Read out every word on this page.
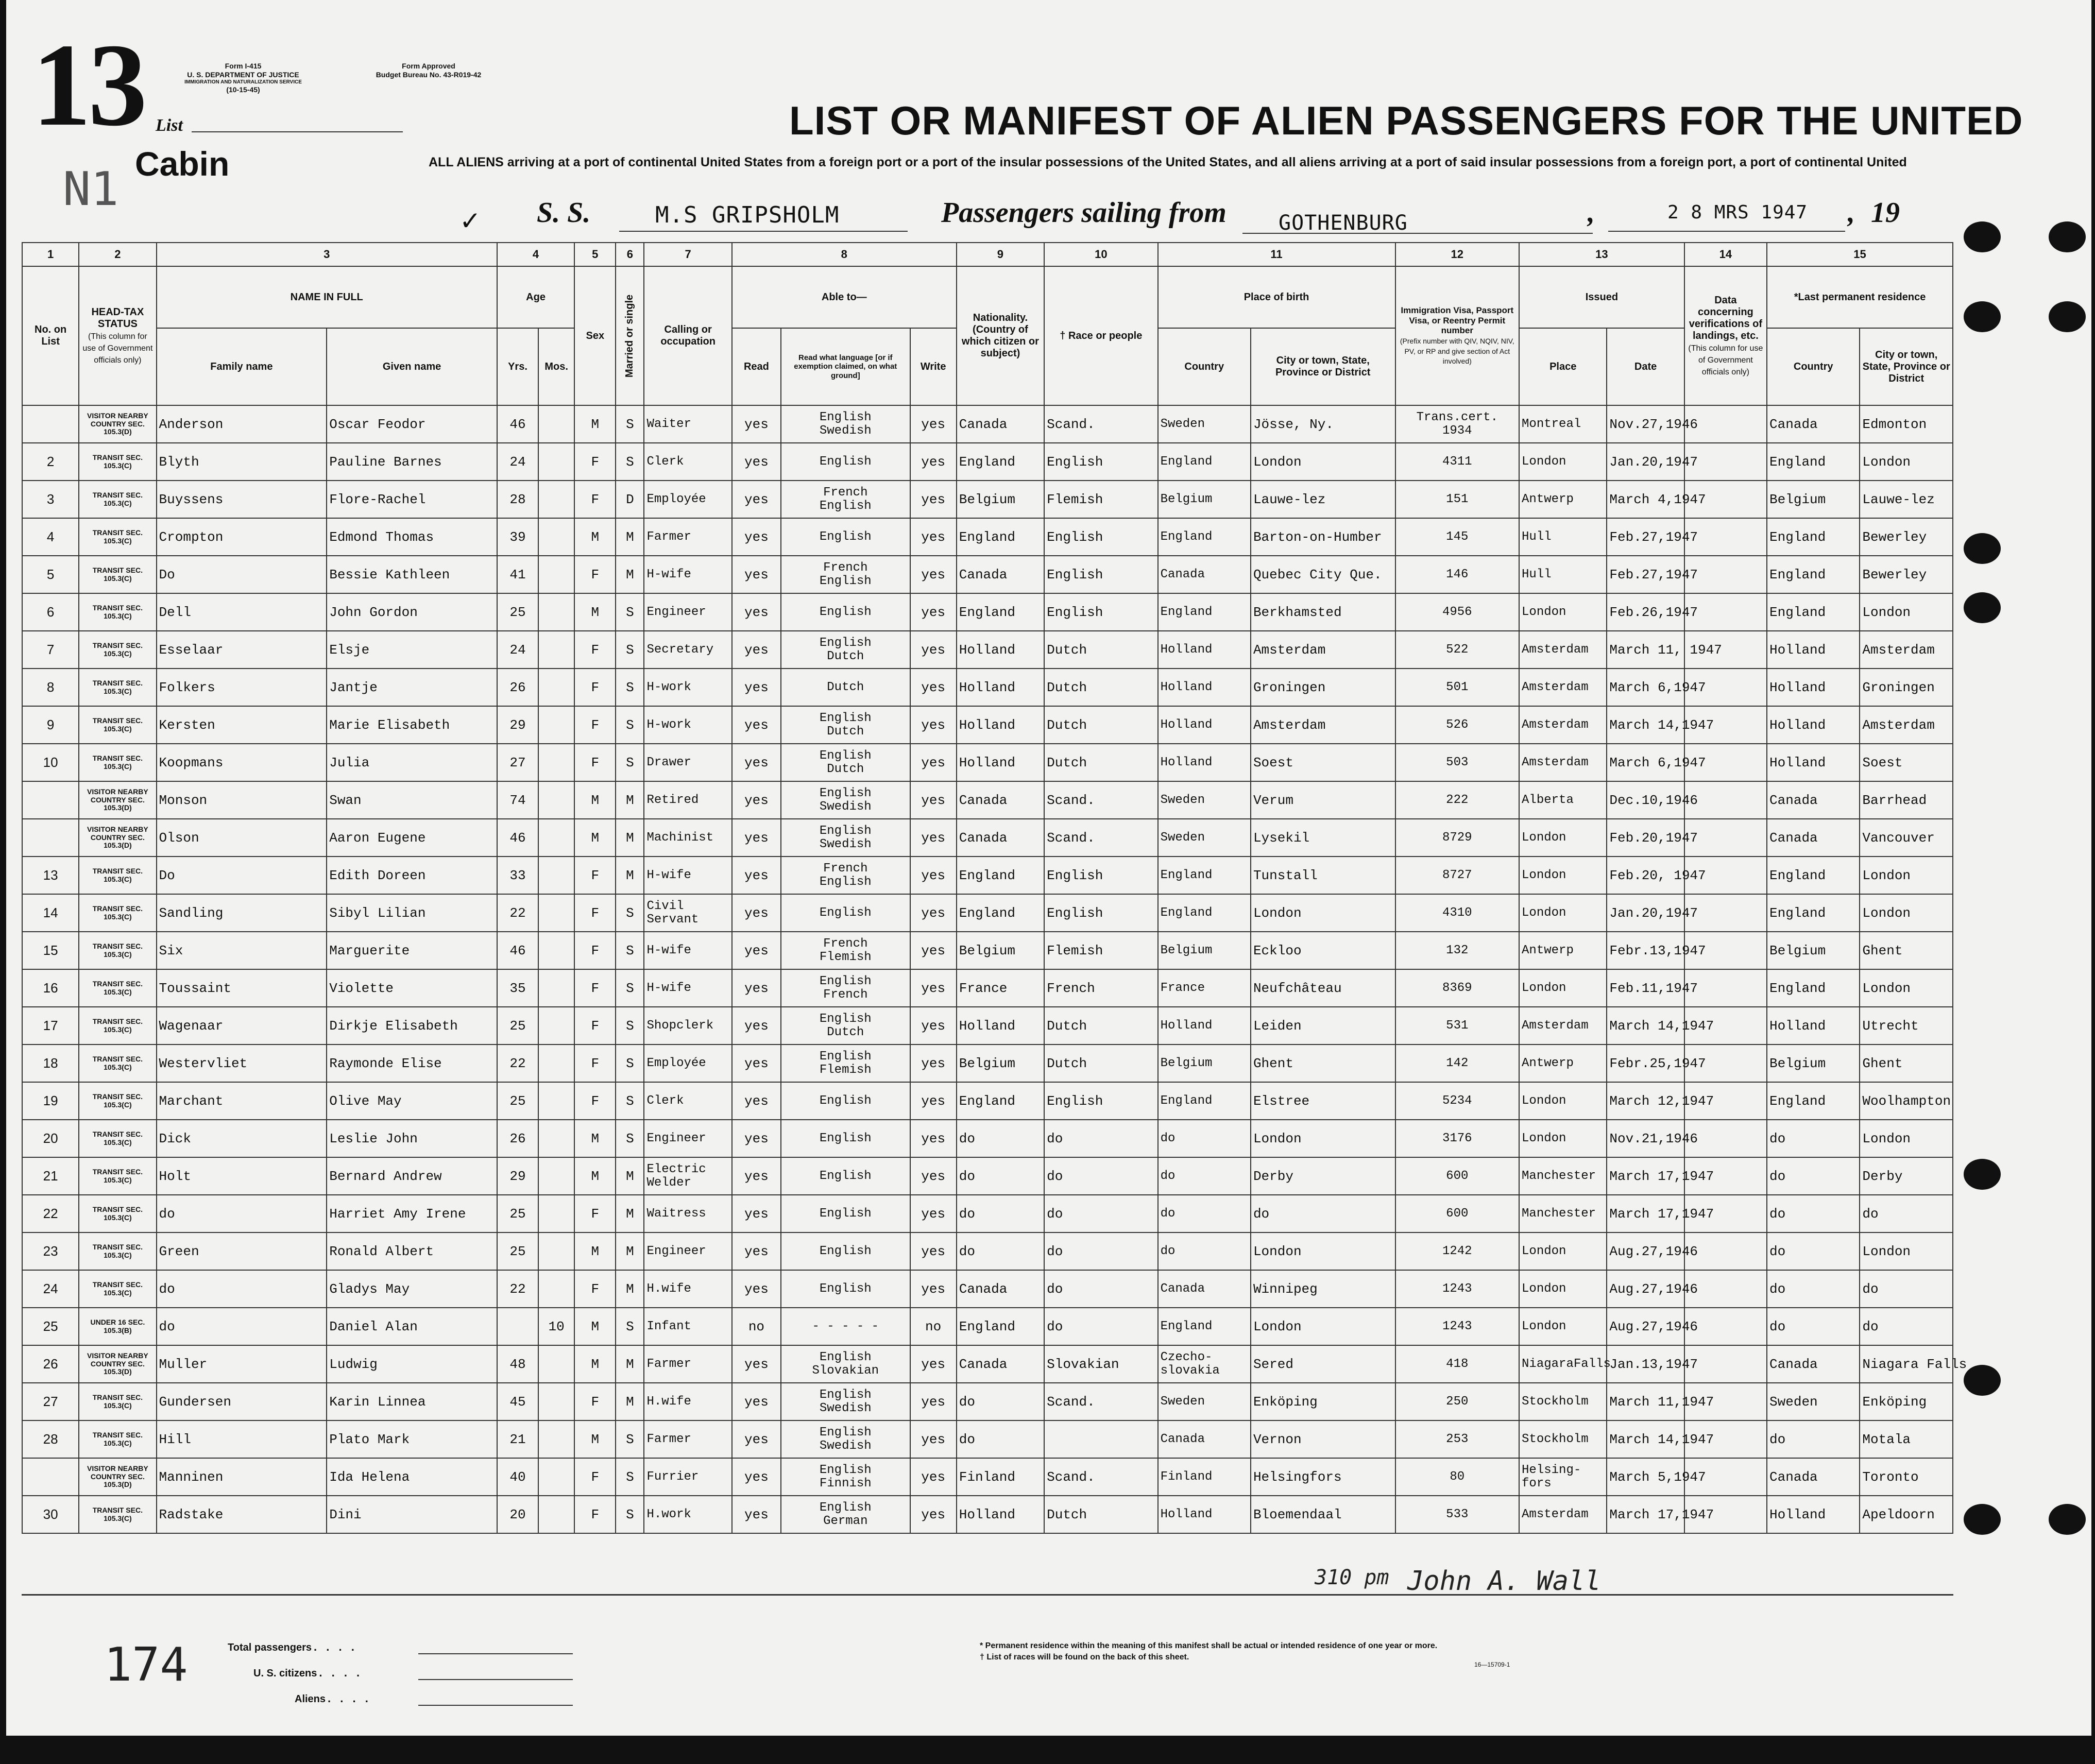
13	Form I-415
U. S. DEPARTMENT OF JUSTICE
IMMIGRATION AND NATURALIZATION SERVICE
(10-15-45)
Form Approved
Budget Bureau No. 43-R019-42
List
Cabin
N1
LIST OR MANIFEST OF ALIEN PASSENGERS FOR THE UNITED
ALL ALIENS arriving at a port of continental United States from a foreign port or a port of the insular possessions of the United States, and all aliens arriving at a port of said insular possessions from a foreign port, a port of continental United
✓ S. S.	M.S GRIPSHOLM	Passengers sailing from	GOTHENBURG	,	2 8 MRS 1947 , 19
1	2	3		4		5	6	7	8			9	10	11		12	13		14	15	
No. on List	HEAD-TAX STATUS
(This column for use of Government officials only)	NAME IN FULL		Age		Sex	Married or single	Calling or occupation	Able to—			Nationality. (Country of which citizen or subject)	† Race or people	Place of birth		Immigration Visa, Passport Visa, or Reentry Permit number
(Prefix number with QIV, NQIV, NIV, PV, or RP and give section of Act involved)	Issued		Data concerning verifications of landings, etc.
(This column for use of Government officials only)	*Last permanent residence	
		Family name	Given name	Yrs.	Mos.				Read	Read what language [or if exemption claimed, on what ground]	Write			Country	City or town, State, Province or District		Place	Date		Country	City or town, State, Province or District
	VISITOR NEARBY COUNTRY SEC. 105.3(D)	Anderson	Oscar Feodor	46		M	S	Waiter	yes	English
Swedish	yes	Canada	Scand.	Sweden	Jösse, Ny.	Trans.cert.
1934	Montreal	Nov.27,1946		Canada	Edmonton
2	TRANSIT SEC. 105.3(C)	Blyth	Pauline Barnes	24		F	S	Clerk	yes	English	yes	England	English	England	London	4311	London	Jan.20,1947		England	London
3	TRANSIT SEC. 105.3(C)	Buyssens	Flore-Rachel	28		F	D	Employée	yes	French
English	yes	Belgium	Flemish	Belgium	Lauwe-lez	151	Antwerp	March 4,1947		Belgium	Lauwe-lez
4	TRANSIT SEC. 105.3(C)	Crompton	Edmond Thomas	39		M	M	Farmer	yes	English	yes	England	English	England	Barton-on-Humber	145	Hull	Feb.27,1947		England	Bewerley
5	TRANSIT SEC. 105.3(C)	Do	Bessie Kathleen	41		F	M	H-wife	yes	French
English	yes	Canada	English	Canada	Quebec City Que.	146	Hull	Feb.27,1947		England	Bewerley
6	TRANSIT SEC. 105.3(C)	Dell	John Gordon	25		M	S	Engineer	yes	English	yes	England	English	England	Berkhamsted	4956	London	Feb.26,1947		England	London
7	TRANSIT SEC. 105.3(C)	Esselaar	Elsje	24		F	S	Secretary	yes	English
Dutch	yes	Holland	Dutch	Holland	Amsterdam	522	Amsterdam	March 11, 1947		Holland	Amsterdam
8	TRANSIT SEC. 105.3(C)	Folkers	Jantje	26		F	S	H-work	yes	Dutch	yes	Holland	Dutch	Holland	Groningen	501	Amsterdam	March 6,1947		Holland	Groningen
9	TRANSIT SEC. 105.3(C)	Kersten	Marie Elisabeth	29		F	S	H-work	yes	English
Dutch	yes	Holland	Dutch	Holland	Amsterdam	526	Amsterdam	March 14,1947		Holland	Amsterdam
10	TRANSIT SEC. 105.3(C)	Koopmans	Julia	27		F	S	Drawer	yes	English
Dutch	yes	Holland	Dutch	Holland	Soest	503	Amsterdam	March 6,1947		Holland	Soest
	VISITOR NEARBY COUNTRY SEC. 105.3(D)	Monson	Swan	74		M	M	Retired	yes	English
Swedish	yes	Canada	Scand.	Sweden	Verum	222	Alberta	Dec.10,1946		Canada	Barrhead
	VISITOR NEARBY COUNTRY SEC. 105.3(D)	Olson	Aaron Eugene	46		M	M	Machinist	yes	English
Swedish	yes	Canada	Scand.	Sweden	Lysekil	8729	London	Feb.20,1947		Canada	Vancouver
13	TRANSIT SEC. 105.3(C)	Do	Edith Doreen	33		F	M	H-wife	yes	French
English	yes	England	English	England	Tunstall	8727	London	Feb.20, 1947		England	London
14	TRANSIT SEC. 105.3(C)	Sandling	Sibyl Lilian	22		F	S	Civil
Servant	yes	English	yes	England	English	England	London	4310	London	Jan.20,1947		England	London
15	TRANSIT SEC. 105.3(C)	Six	Marguerite	46		F	S	H-wife	yes	French
Flemish	yes	Belgium	Flemish	Belgium	Eckloo	132	Antwerp	Febr.13,1947		Belgium	Ghent
16	TRANSIT SEC. 105.3(C)	Toussaint	Violette	35		F	S	H-wife	yes	English
French	yes	France	French	France	Neufchâteau	8369	London	Feb.11,1947		England	London
17	TRANSIT SEC. 105.3(C)	Wagenaar	Dirkje Elisabeth	25		F	S	Shopclerk	yes	English
Dutch	yes	Holland	Dutch	Holland	Leiden	531	Amsterdam	March 14,1947		Holland	Utrecht
18	TRANSIT SEC. 105.3(C)	Westervliet	Raymonde Elise	22		F	S	Employée	yes	English
Flemish	yes	Belgium	Dutch	Belgium	Ghent	142	Antwerp	Febr.25,1947		Belgium	Ghent
19	TRANSIT SEC. 105.3(C)	Marchant	Olive May	25		F	S	Clerk	yes	English	yes	England	English	England	Elstree	5234	London	March 12,1947		England	Woolhampton
20	TRANSIT SEC. 105.3(C)	Dick	Leslie John	26		M	S	Engineer	yes	English	yes	do	do	do	London	3176	London	Nov.21,1946		do	London
21	TRANSIT SEC. 105.3(C)	Holt	Bernard Andrew	29		M	M	Electric
Welder	yes	English	yes	do	do	do	Derby	600	Manchester	March 17,1947		do	Derby
22	TRANSIT SEC. 105.3(C)	do	Harriet Amy Irene	25		F	M	Waitress	yes	English	yes	do	do	do	do	600	Manchester	March 17,1947		do	do
23	TRANSIT SEC. 105.3(C)	Green	Ronald Albert	25		M	M	Engineer	yes	English	yes	do	do	do	London	1242	London	Aug.27,1946		do	London
24	TRANSIT SEC. 105.3(C)	do	Gladys May	22		F	M	H.wife	yes	English	yes	Canada	do	Canada	Winnipeg	1243	London	Aug.27,1946		do	do
25	UNDER 16 SEC. 105.3(B)	do	Daniel Alan		10	M	S	Infant	no	- - - - -	no	England	do	England	London	1243	London	Aug.27,1946		do	do
26	VISITOR NEARBY COUNTRY SEC. 105.3(D)	Muller	Ludwig	48		M	M	Farmer	yes	English
Slovakian	yes	Canada	Slovakian	Czecho-
slovakia	Sered	418	NiagaraFalls	Jan.13,1947		Canada	Niagara Falls
27	TRANSIT SEC. 105.3(C)	Gundersen	Karin Linnea	45		F	M	H.wife	yes	English
Swedish	yes	do	Scand.	Sweden	Enköping	250	Stockholm	March 11,1947		Sweden	Enköping
28	TRANSIT SEC. 105.3(C)	Hill	Plato Mark	21		M	S	Farmer	yes	English
Swedish	yes	do		Canada	Vernon	253	Stockholm	March 14,1947		do	Motala
	VISITOR NEARBY COUNTRY SEC. 105.3(D)	Manninen	Ida Helena	40		F	S	Furrier	yes	English
Finnish	yes	Finland	Scand.	Finland	Helsingfors	80	Helsing-
fors	March 5,1947		Canada	Toronto
30	TRANSIT SEC. 105.3(C)	Radstake	Dini	20		F	S	H.work	yes	English
German	yes	Holland	Dutch	Holland	Bloemendaal	533	Amsterdam	March 17,1947		Holland	Apeldoorn
310 pm John A. Wall
174	Total passengers . . . .
U. S. citizens . . . .
Aliens . . . .
* Permanent residence within the meaning of this manifest shall be actual or intended residence of one year or more.
† List of races will be found on the back of this sheet.
16—15709-1
